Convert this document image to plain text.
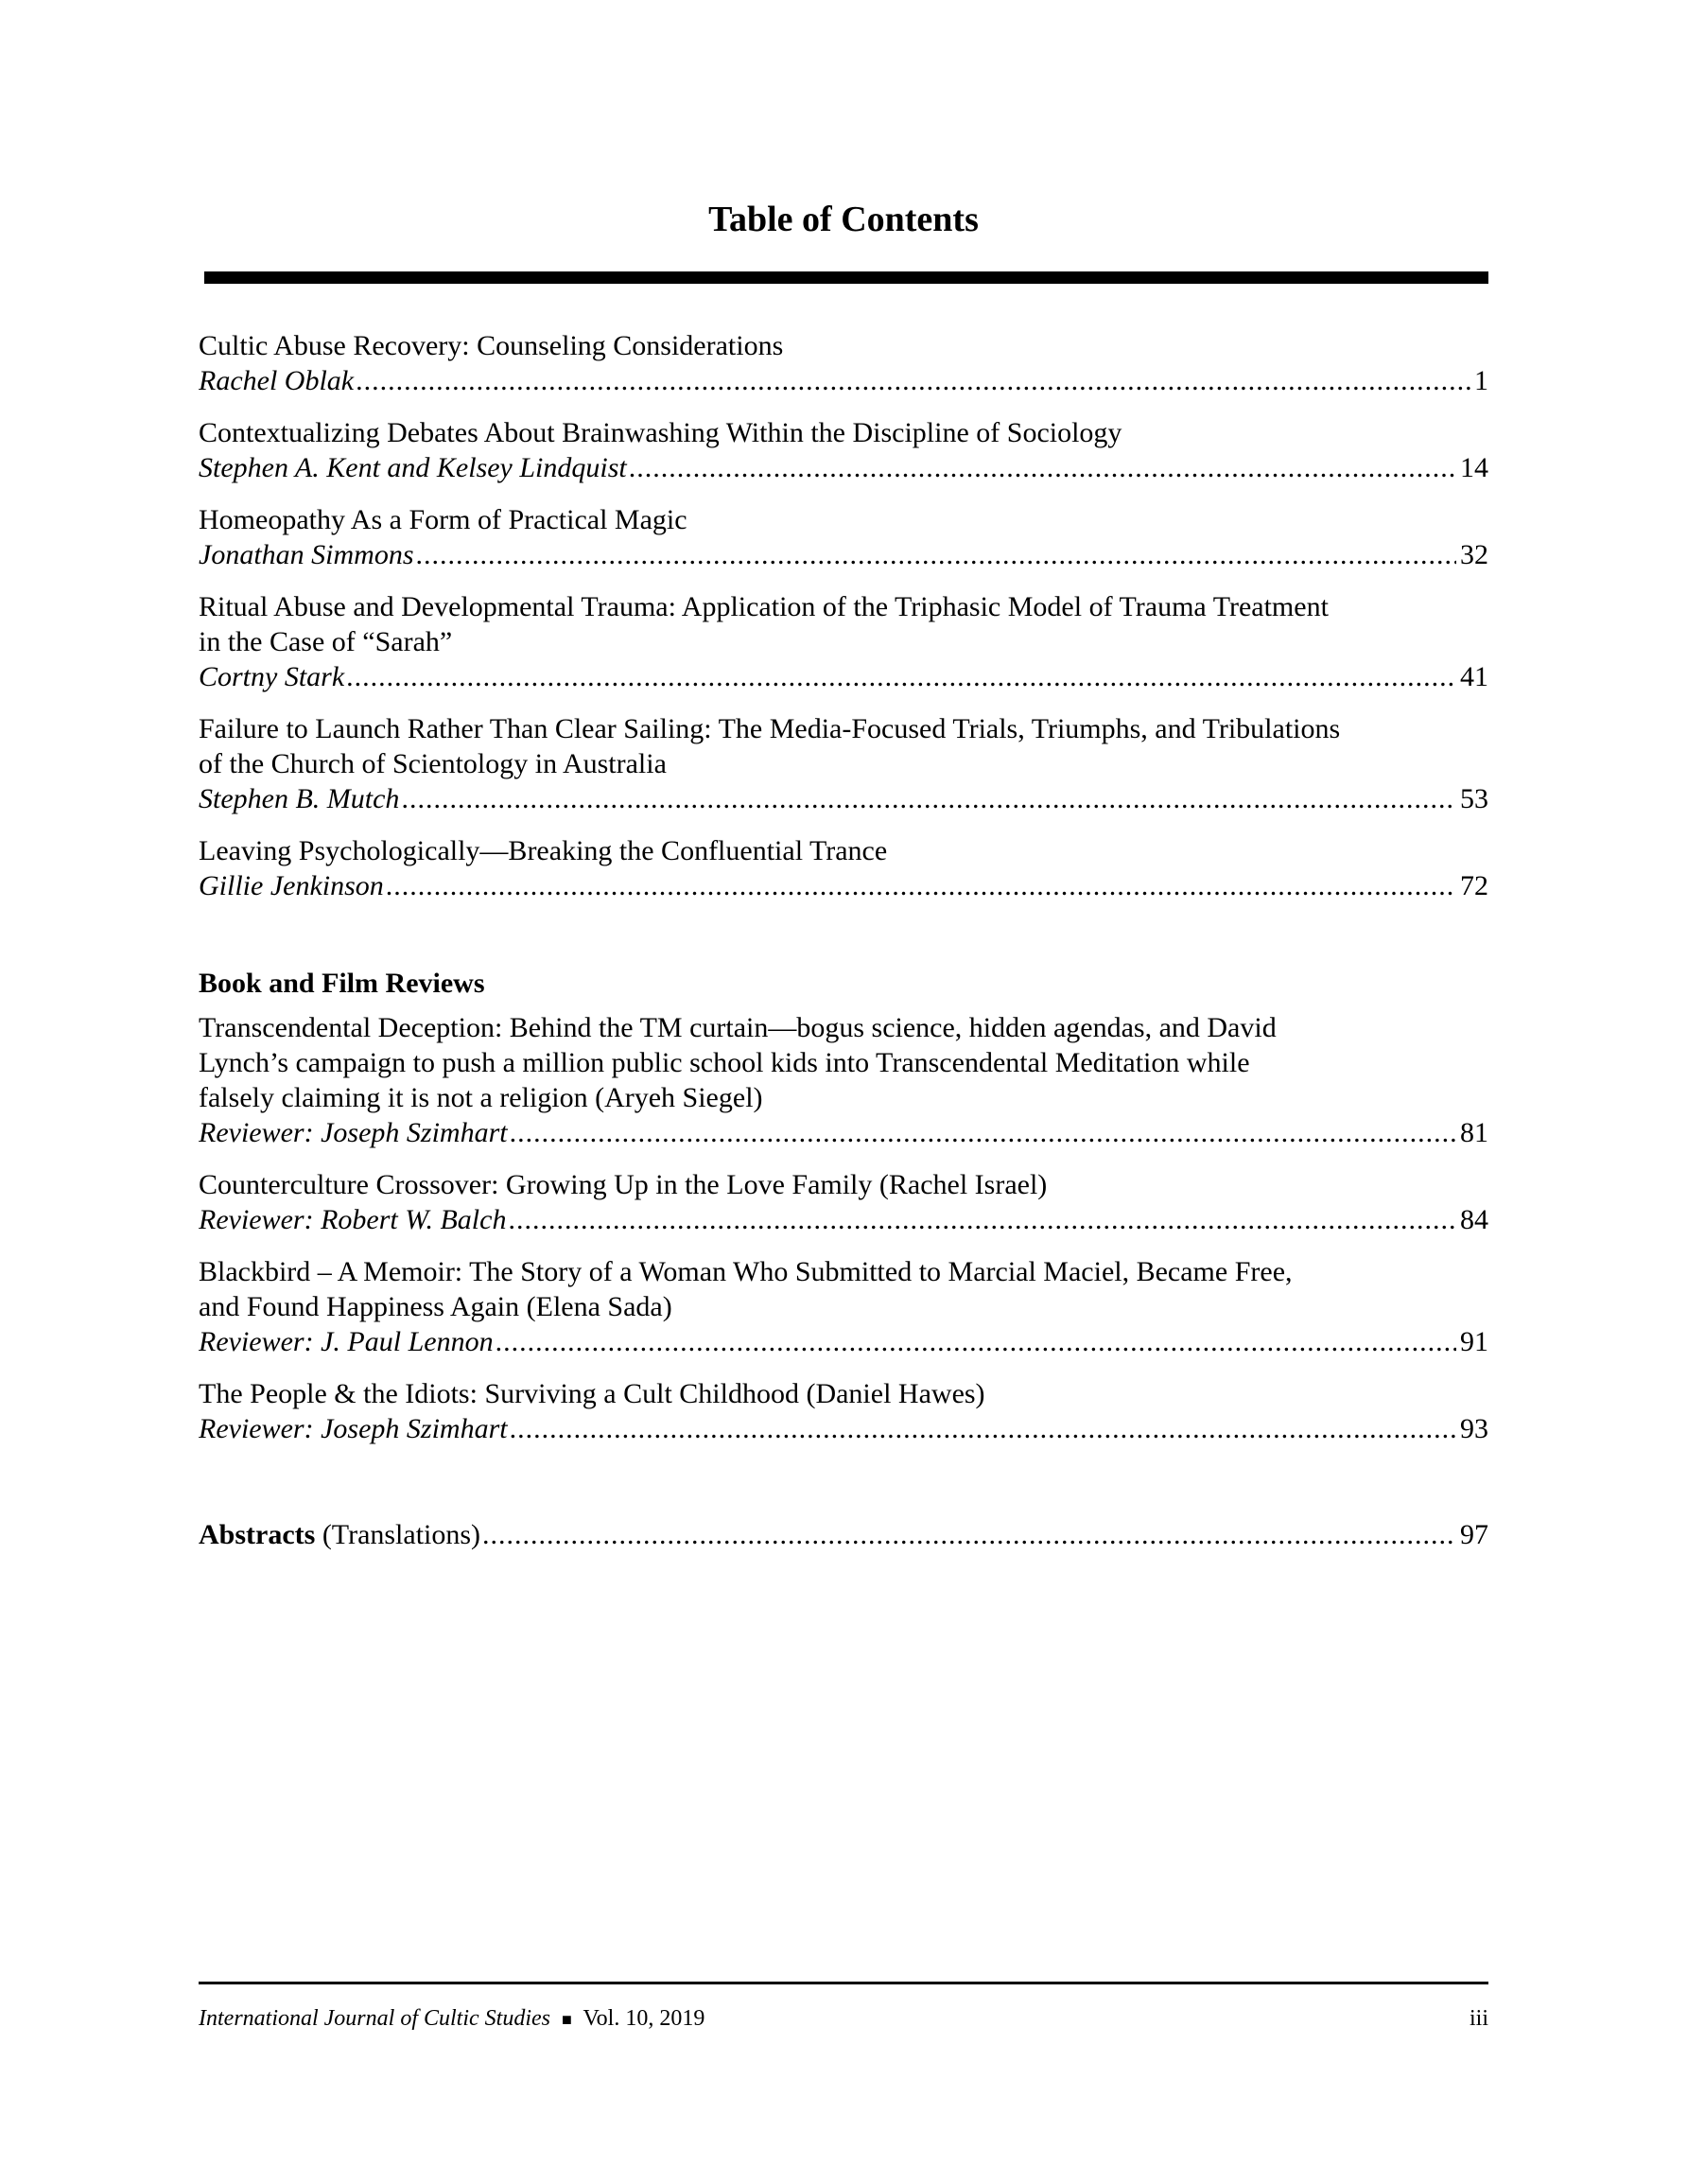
Table of Contents
Cultic Abuse Recovery: Counseling Considerations
Rachel Oblak .....	1
Contextualizing Debates About Brainwashing Within the Discipline of Sociology
Stephen A. Kent and Kelsey Lindquist .....	14
Homeopathy As a Form of Practical Magic
Jonathan Simmons .....	32
Ritual Abuse and Developmental Trauma: Application of the Triphasic Model of Trauma Treatment
in the Case of “Sarah”
Cortny Stark .....	41
Failure to Launch Rather Than Clear Sailing: The Media-Focused Trials, Triumphs, and Tribulations
of the Church of Scientology in Australia
Stephen B. Mutch .....	53
Leaving Psychologically—Breaking the Confluential Trance
Gillie Jenkinson .....	72
Book and Film Reviews
Transcendental Deception: Behind the TM curtain—bogus science, hidden agendas, and David
Lynch’s campaign to push a million public school kids into Transcendental Meditation while
falsely claiming it is not a religion (Aryeh Siegel)
Reviewer: Joseph Szimhart .....	81
Counterculture Crossover: Growing Up in the Love Family (Rachel Israel)
Reviewer: Robert W. Balch .....	84
Blackbird – A Memoir: The Story of a Woman Who Submitted to Marcial Maciel, Became Free,
and Found Happiness Again (Elena Sada)
Reviewer: J. Paul Lennon .....	91
The People & the Idiots: Surviving a Cult Childhood (Daniel Hawes)
Reviewer: Joseph Szimhart .....	93
Abstracts
(Translations) .....	97
International Journal of Cultic Studies ■ Vol. 10, 2019	iii
